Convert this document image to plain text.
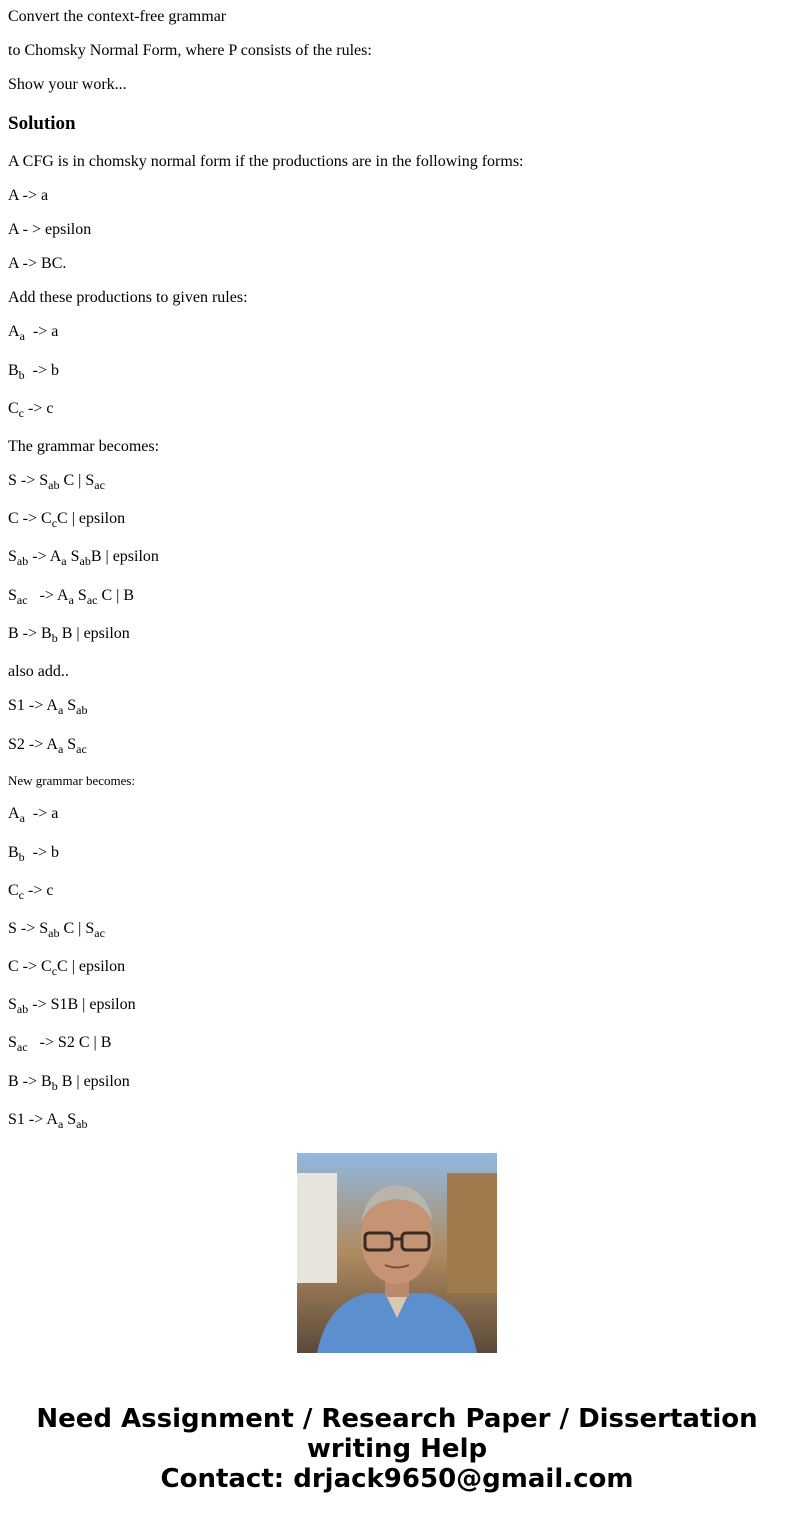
Convert the context-free grammar

to Chomsky Normal Form, where P consists of the rules:

Show your work...

Solution

A CFG is in chomsky normal form if the productions are in the following forms:

A -> a

A - > epsilon

A -> BC.

Add these productions to given rules:

$A_a -> a$

$B_b -> b$

$C_c -> c$

The grammar becomes:

$S -> S_{ab}$ C | $S_{ac}$

$C -> C_cC$ | epsilon

$S_{ab} -> A_a$ $S_{ab}B$ | epsilon

$S_{ac} -> A_a$ $S_{ac}$ C | B

$B -> B_b$ B | epsilon

also add..

$S1 -> A_a$ $S_{ab}$

$S2 -> A_a$ $S_{ac}$

New grammar becomes:

$A_a -> a$

$B_b -> b$

$C_c -> c$

$S -> S_{ab}$ C | $S_{ac}$

$C -> C_cC$ | epsilon

$S_{ab} -> S1B$ | epsilon

$S_{ac} -> S2$ C | B

$B -> B_b$ B | epsilon

$S1 -> A_a$ $S_{ab}$

Need Assignment / Research Paper / Dissertation
writing Help
Contact: drjack9650@gmail.com
